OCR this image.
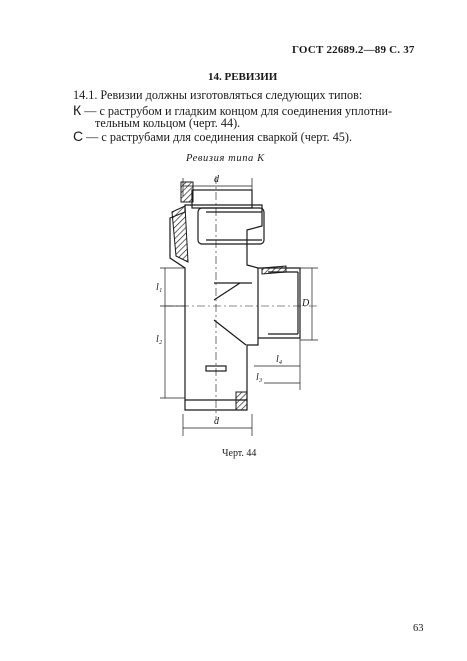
ГОСТ 22689.2—89 С. 37
14. РЕВИЗИИ
14.1. Ревизии должны изготовляться следующих типов:
К — с раструбом и гладким концом для соединения уплотни-
тельным кольцом (черт. 44).
С — с раструбами для соединения сваркой (черт. 45).
Ревизия типа К
d
l₁
l₂
D
l₄
l₃
d
Черт. 44
63
